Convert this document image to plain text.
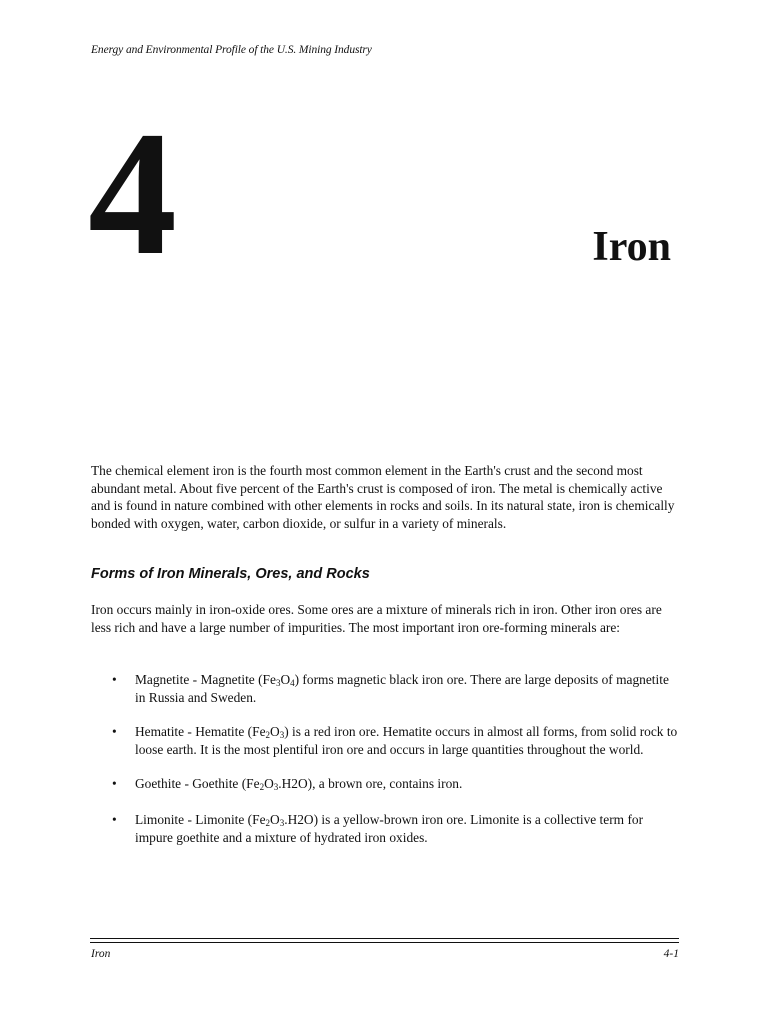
Energy and Environmental Profile of the U.S. Mining Industry
4	Iron

The chemical element iron is the fourth most common element in the Earth's crust and the second most abundant metal. About five percent of the Earth's crust is composed of iron. The metal is chemically active and is found in nature combined with other elements in rocks and soils. In its natural state, iron is chemically bonded with oxygen, water, carbon dioxide, or sulfur in a variety of minerals.

Forms of Iron Minerals, Ores, and Rocks

Iron occurs mainly in iron-oxide ores. Some ores are a mixture of minerals rich in iron. Other iron ores are less rich and have a large number of impurities. The most important iron ore-forming minerals are:

• Magnetite - Magnetite $(Fe_3O_4)$ forms magnetic black iron ore. There are large deposits of magnetite in Russia and Sweden.
• Hematite - Hematite $(Fe_2O_3)$ is a red iron ore. Hematite occurs in almost all forms, from solid rock to loose earth. It is the most plentiful iron ore and occurs in large quantities throughout the world.
• Goethite - Goethite $(Fe_2O_3.H2O)$, a brown ore, contains iron.
• Limonite - Limonite $(Fe_2O_3.H2O)$ is a yellow-brown iron ore. Limonite is a collective term for impure goethite and a mixture of hydrated iron oxides.
Iron	4-1
